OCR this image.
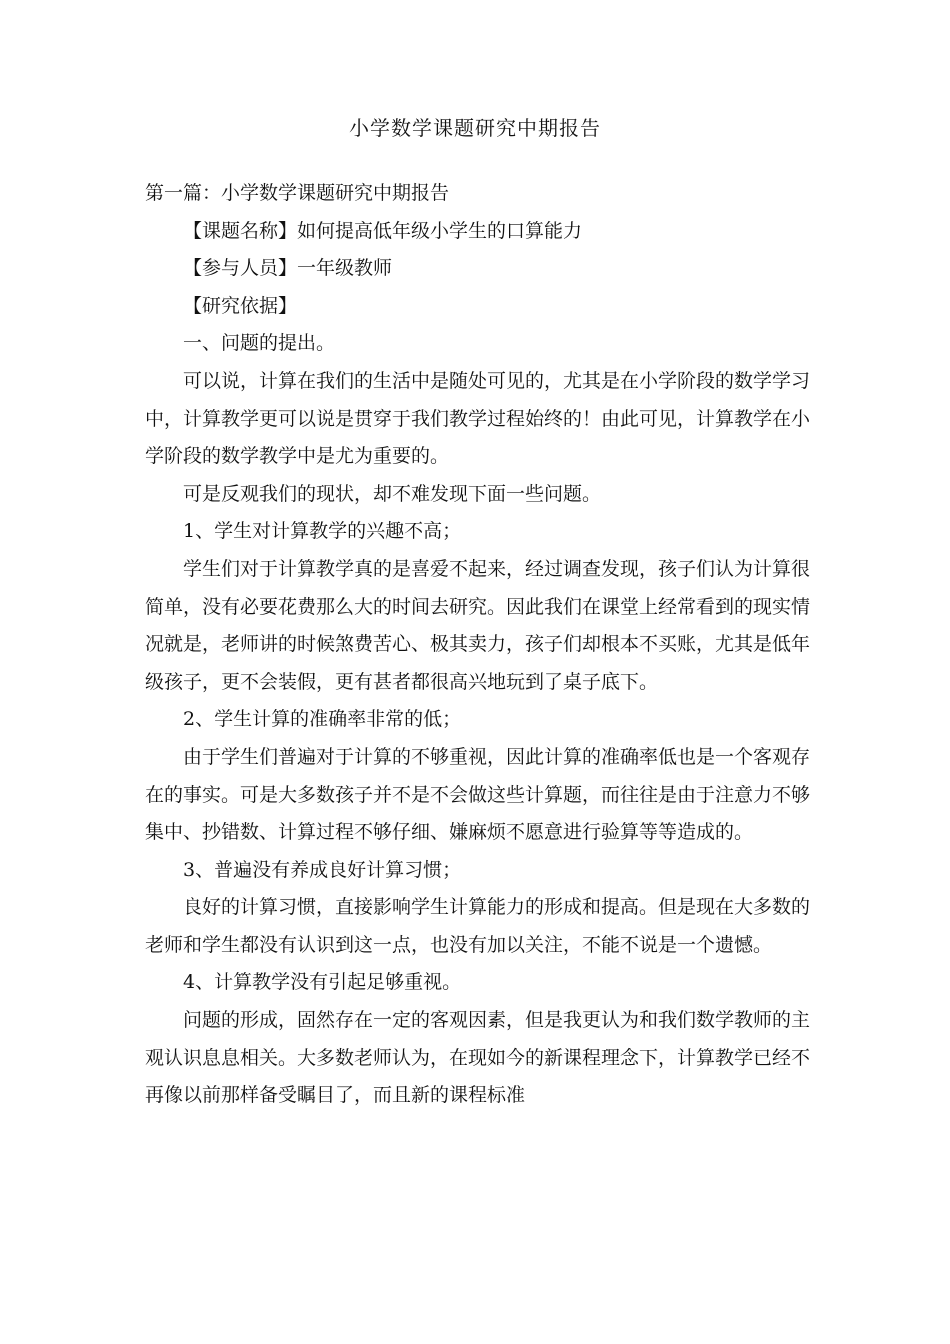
小学数学课题研究中期报告

第一篇：小学数学课题研究中期报告

【课题名称】如何提高低年级小学生的口算能力

【参与人员】一年级教师

【研究依据】

一、问题的提出。

可以说，计算在我们的生活中是随处可见的，尤其是在小学阶段的数学学习中，计算教学更可以说是贯穿于我们教学过程始终的！由此可见，计算教学在小学阶段的数学教学中是尤为重要的。

可是反观我们的现状，却不难发现下面一些问题。

1、学生对计算教学的兴趣不高；

学生们对于计算教学真的是喜爱不起来，经过调查发现，孩子们认为计算很简单，没有必要花费那么大的时间去研究。因此我们在课堂上经常看到的现实情况就是，老师讲的时候煞费苦心、极其卖力，孩子们却根本不买账，尤其是低年级孩子，更不会装假，更有甚者都很高兴地玩到了桌子底下。

2、学生计算的准确率非常的低；

由于学生们普遍对于计算的不够重视，因此计算的准确率低也是一个客观存在的事实。可是大多数孩子并不是不会做这些计算题，而往往是由于注意力不够集中、抄错数、计算过程不够仔细、嫌麻烦不愿意进行验算等等造成的。

3、普遍没有养成良好计算习惯；

良好的计算习惯，直接影响学生计算能力的形成和提高。但是现在大多数的老师和学生都没有认识到这一点，也没有加以关注，不能不说是一个遗憾。

4、计算教学没有引起足够重视。

问题的形成，固然存在一定的客观因素，但是我更认为和我们数学教师的主观认识息息相关。大多数老师认为，在现如今的新课程理念下，计算教学已经不再像以前那样备受瞩目了，而且新的课程标准
